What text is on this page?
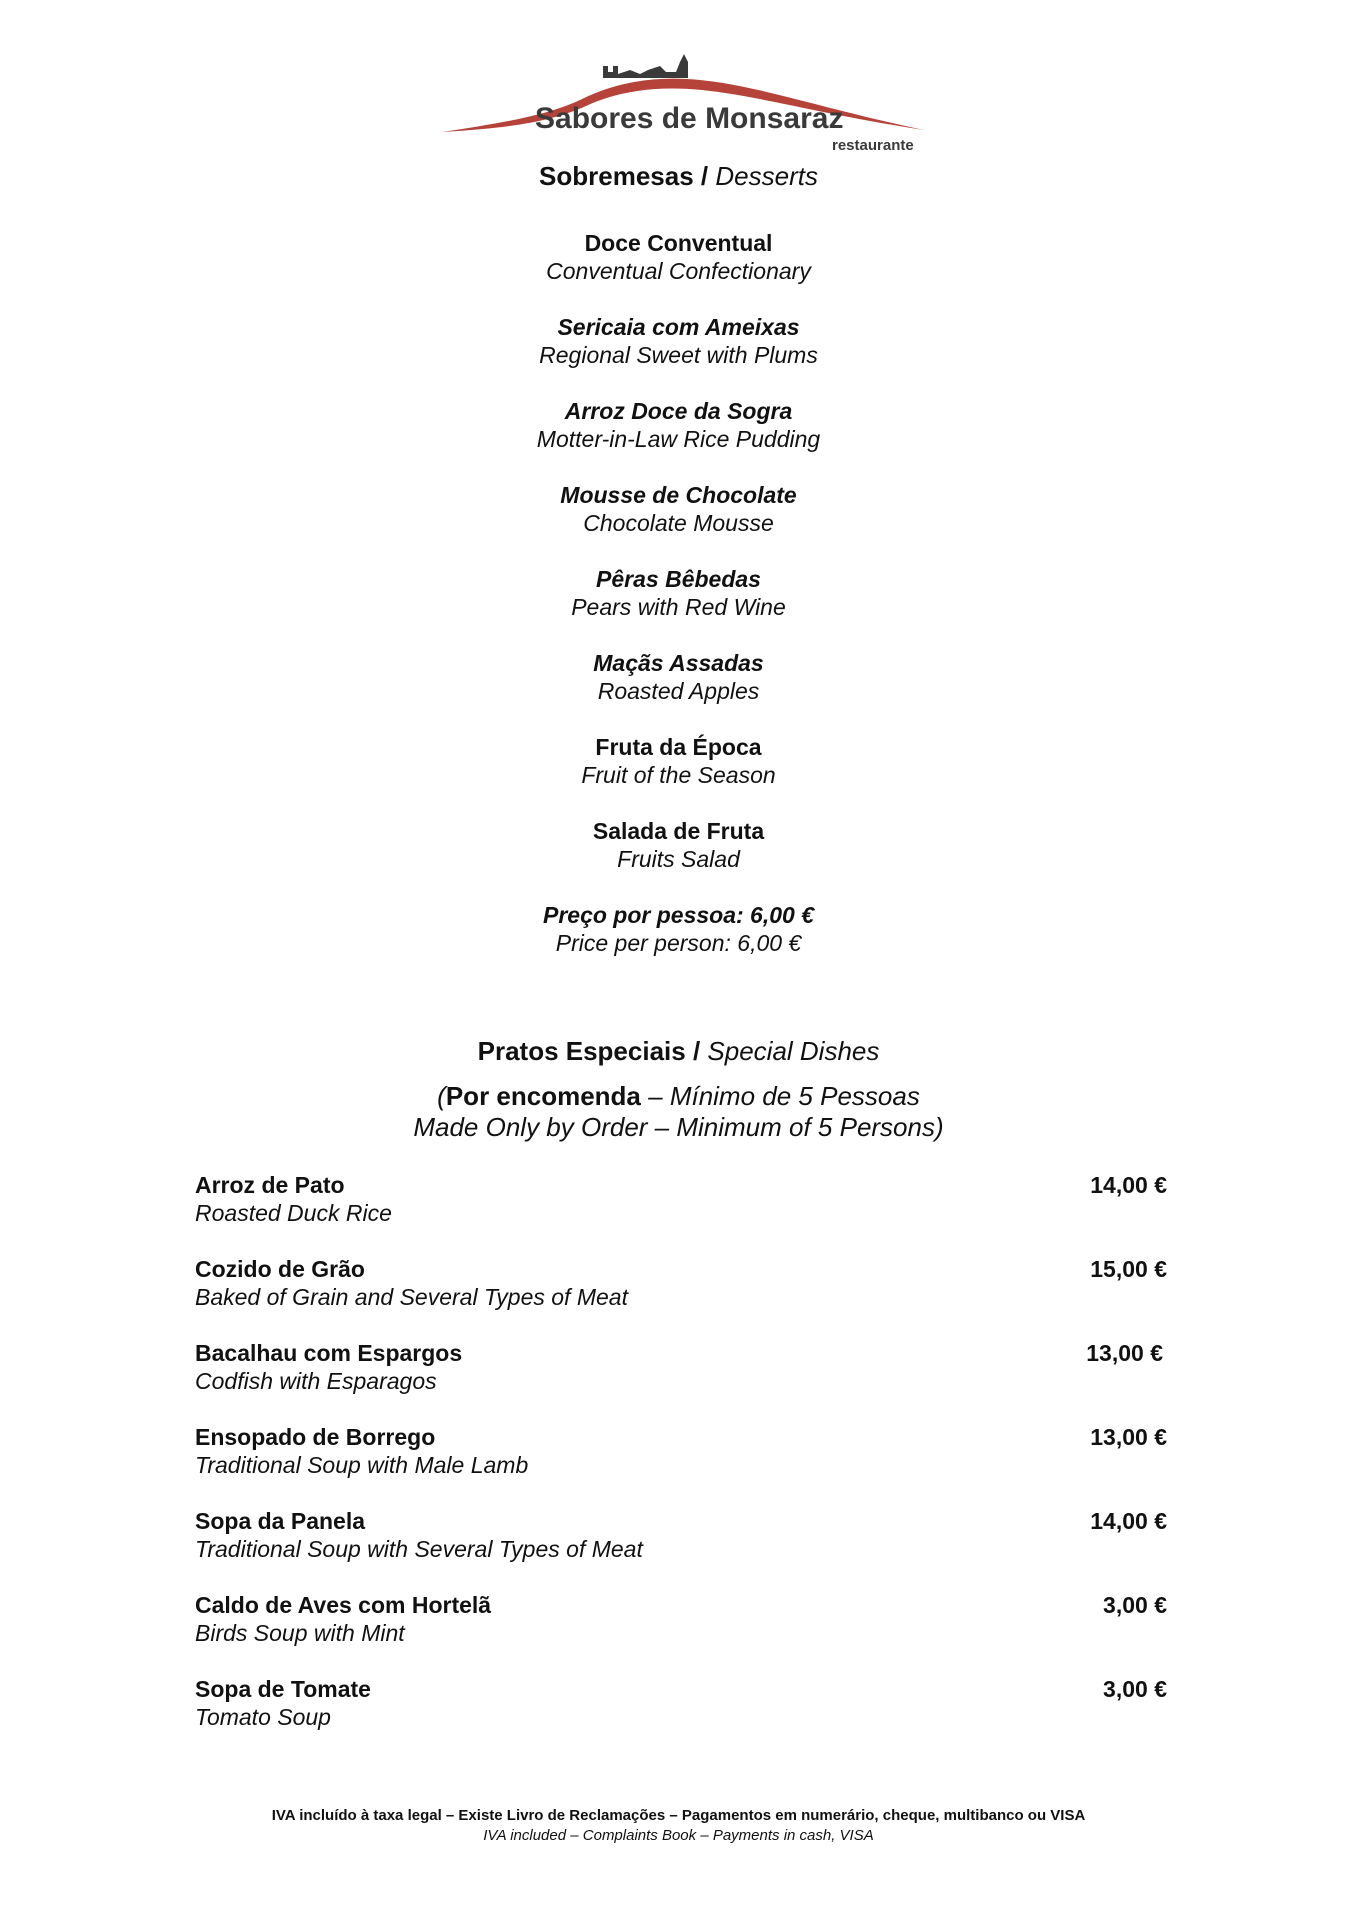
Sabores de Monsaraz
restaurante
Sobremesas / Desserts
Doce Conventual
Conventual Confectionary
Sericaia com Ameixas
Regional Sweet with Plums
Arroz Doce da Sogra
Motter-in-Law Rice Pudding
Mousse de Chocolate
Chocolate Mousse
Pêras Bêbedas
Pears with Red Wine
Maçãs Assadas
Roasted Apples
Fruta da Época
Fruit of the Season
Salada de Fruta
Fruits Salad
Preço por pessoa: 6,00 €
Price per person: 6,00 €
Pratos Especiais / Special Dishes
(Por encomenda – Mínimo de 5 Pessoas
Made Only by Order – Minimum of 5 Persons)
Arroz de Pato
Roasted Duck Rice
14,00 €
Cozido de Grão
Baked of Grain and Several Types of Meat
15,00 €
Bacalhau com Espargos
Codfish with Esparagos
13,00 €
Ensopado de Borrego
Traditional Soup with Male Lamb
13,00 €
Sopa da Panela
Traditional Soup with Several Types of Meat
14,00 €
Caldo de Aves com Hortelã
Birds Soup with Mint
3,00 €
Sopa de Tomate
Tomato Soup
3,00 €
IVA incluído à taxa legal – Existe Livro de Reclamações – Pagamentos em numerário, cheque, multibanco ou VISA
IVA included – Complaints Book – Payments in cash, VISA
